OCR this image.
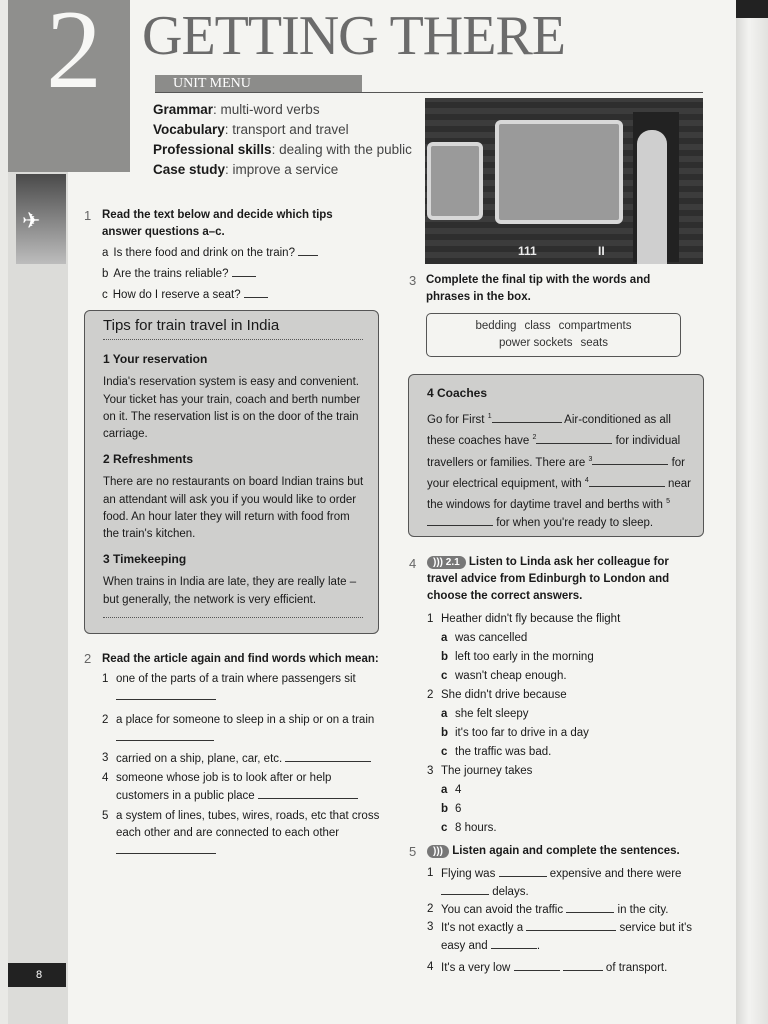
2
✈
GETTING THERE
UNIT MENU
Grammar: multi-word verbs
Vocabulary: transport and travel
Professional skills: dealing with the public
Case study: improve a service
111	II
1 Read the text below and decide which tips answer questions a–c.
a Is there food and drink on the train?
b Are the trains reliable?
c How do I reserve a seat?
Tips for train travel in India
1 Your reservation
India's reservation system is easy and convenient. Your ticket has your train, coach and berth number on it. The reservation list is on the door of the train carriage.
2 Refreshments
There are no restaurants on board Indian trains but an attendant will ask you if you would like to order food. An hour later they will return with food from the train's kitchen.
3 Timekeeping
When trains in India are late, they are really late – but generally, the network is very efficient.
2 Read the article again and find words which mean:
1 one of the parts of a train where passengers sit

2 a place for someone to sleep in a ship or on a train
3 carried on a ship, plane, car, etc.
4 someone whose job is to look after or help customers in a public place
5 a system of lines, tubes, wires, roads, etc that cross each other and are connected to each other
3 Complete the final tip with the words and phrases in the box.
bedding class compartments
power sockets seats
4 Coaches
Go for First $^1$	Air-conditioned as all these coaches have $^2$	for individual travellers or families. There are $^3$	for your electrical equipment, with $^4$	near the windows for daytime travel and berths with $^5$ for when you're ready to sleep.
4	))) 2.1 Listen to Linda ask her colleague for travel advice from Edinburgh to London and choose the correct answers.
1 Heather didn't fly because the flight
a was cancelled
b left too early in the morning
c wasn't cheap enough.
2 She didn't drive because
a she felt sleepy
b it's too far to drive in a day
c the traffic was bad.
3 The journey takes
a 4
b 6
c 8 hours.
5	))) Listen again and complete the sentences.
1 Flying was	expensive and there were
delays.
2 You can avoid the traffic	in the city.
3 It's not exactly a	service but it's easy and	.
4 It's a very low	of transport.
8
